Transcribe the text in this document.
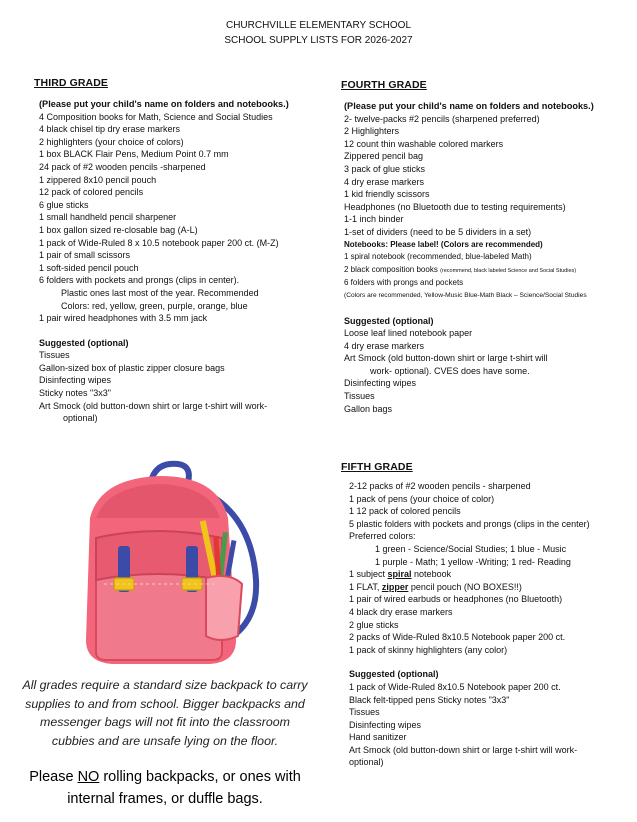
CHURCHVILLE ELEMENTARY SCHOOL
SCHOOL SUPPLY LISTS FOR 2026-2027
THIRD GRADE
(Please put your child's name on folders and notebooks.)
4 Composition books for Math, Science and Social Studies
4 black chisel tip dry erase markers
2 highlighters (your choice of colors)
1 box BLACK Flair Pens, Medium Point 0.7 mm
24 pack of #2 wooden pencils -sharpened
1 zippered 8x10 pencil pouch
12 pack of colored pencils
6 glue sticks
1 small handheld pencil sharpener
1 box gallon sized re-closable bag (A-L)
1 pack of Wide-Ruled 8 x 10.5 notebook paper 200 ct. (M-Z)
1 pair of small scissors
1 soft-sided pencil pouch
6 folders with pockets and prongs (clips in center).
Plastic ones last most of the year. Recommended
Colors: red, yellow, green, purple, orange, blue
1 pair wired headphones with 3.5 mm jack
Suggested (optional)
Tissues
Gallon-sized box of plastic zipper closure bags
Disinfecting wipes
Sticky notes "3x3"
Art Smock (old button-down shirt or large t-shirt will work-
optional)
FOURTH GRADE
(Please put your child's name on folders and notebooks.)
2- twelve-packs #2 pencils (sharpened preferred)
2 Highlighters
12 count thin washable colored markers
Zippered pencil bag
3 pack of glue sticks
4 dry erase markers
1 kid friendly scissors
Headphones (no Bluetooth due to testing requirements)
1-1 inch binder
1-set of dividers (need to be 5 dividers in a set)
Notebooks: Please label! (Colors are recommended)
1 spiral notebook (recommended, blue-labeled Math)
2 black composition books (recommend, black labeled Science and Social Studies)
6 folders with prongs and pockets
(Colors are recommended, Yellow-Music Blue-Math Black – Science/Social Studies
Suggested (optional)
Loose leaf lined notebook paper
4 dry erase markers
Art Smock (old button-down shirt or large t-shirt will
work- optional). CVES does have some.
Disinfecting wipes
Tissues
Gallon bags
FIFTH GRADE
2-12 packs of #2 wooden pencils - sharpened
1 pack of pens (your choice of color)
1 12 pack of colored pencils
5 plastic folders with pockets and prongs (clips in the center)
Preferred colors:
1 green - Science/Social Studies; 1 blue - Music
1 purple - Math; 1 yellow -Writing; 1 red- Reading
1 subject spiral notebook
1 FLAT, zipper pencil pouch (NO BOXES!!)
1 pair of wired earbuds or headphones (no Bluetooth)
4 black dry erase markers
2 glue sticks
2 packs of Wide-Ruled 8x10.5 Notebook paper 200 ct.
1 pack of skinny highlighters (any color)
Suggested (optional)
1 pack of Wide-Ruled 8x10.5 Notebook paper 200 ct.
Black felt-tipped pens Sticky notes "3x3"
Tissues
Disinfecting wipes
Hand sanitizer
Art Smock (old button-down shirt or large t-shirt will work-
optional)
All grades require a standard size backpack to carry supplies to and from school. Bigger backpacks and messenger bags will not fit into the classroom cubbies and are unsafe lying on the floor.
Please NO rolling backpacks, or ones with internal frames, or duffle bags.
